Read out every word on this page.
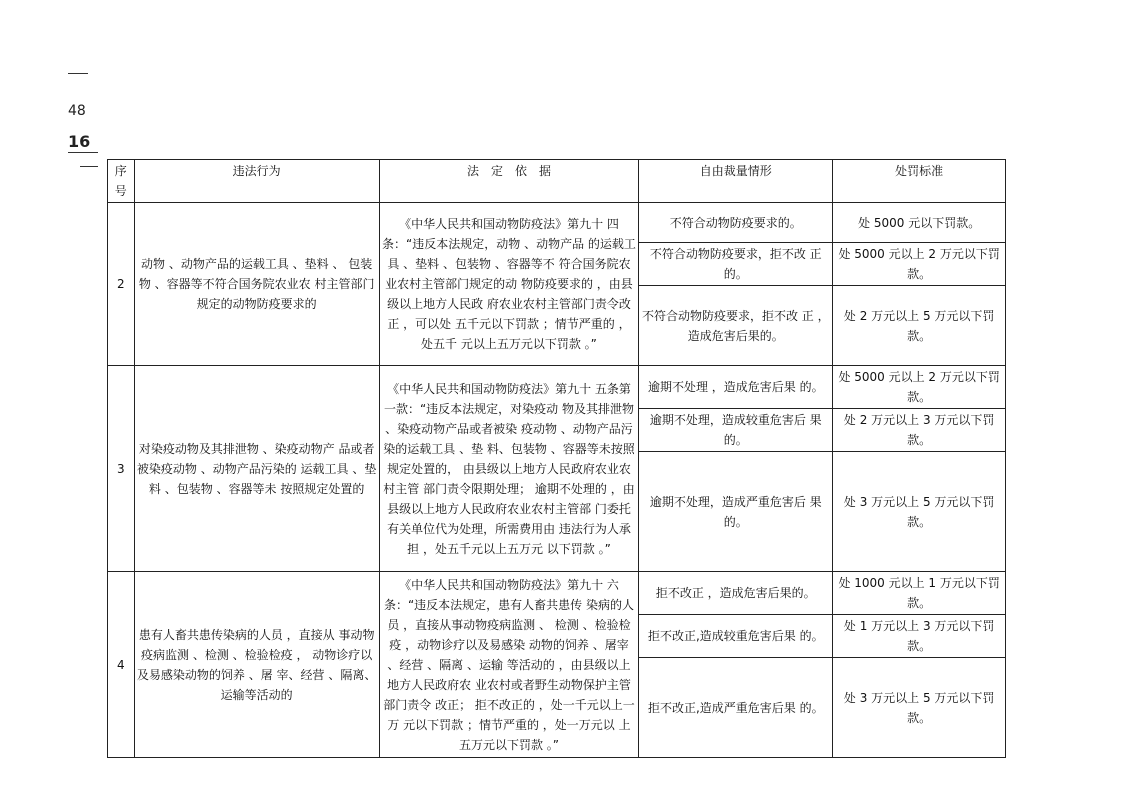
48
16
序
号	违法行为	法　定　依　据	自由裁量情形	处罚标准
2	动物 、动物产品的运载工具 、垫料 、 包装物 、容器等不符合国务院农业农 村主管部门规定的动物防疫要求的	《中华人民共和国动物防疫法》第九十 四条：“违反本法规定，动物 、动物产品 的运载工具 、垫料 、包装物 、容器等不 符合国务院农业农村主管部门规定的动 物防疫要求的 ，由县级以上地方人民政 府农业农村主管部门责令改正 ，可以处 五千元以下罚款 ；情节严重的 ，处五千 元以上五万元以下罚款 。”	不符合动物防疫要求的。	处 5000 元以下罚款。
			不符合动物防疫要求，拒不改 正的。	处 5000 元以上 2 万元以下罚款。
			不符合动物防疫要求，拒不改 正 ，造成危害后果的。	处 2 万元以上 5 万元以下罚款。
3	对染疫动物及其排泄物 、染疫动物产 品或者被染疫动物 、动物产品污染的 运载工具 、垫料 、包装物 、容器等未 按照规定处置的	《中华人民共和国动物防疫法》第九十 五条第一款：“违反本法规定，对染疫动 物及其排泄物 、染疫动物产品或者被染 疫动物 、动物产品污染的运载工具 、垫 料、包装物 、容器等未按照规定处置的， 由县级以上地方人民政府农业农村主管 部门责令限期处理； 逾期不处理的 ，由 县级以上地方人民政府农业农村主管部 门委托有关单位代为处理，所需费用由 违法行为人承担 ，处五千元以上五万元 以下罚款 。”	逾期不处理 ，造成危害后果 的。	处 5000 元以上 2 万元以下罚款。
			逾期不处理，造成较重危害后 果的。	处 2 万元以上 3 万元以下罚款。
			逾期不处理，造成严重危害后 果的。	处 3 万元以上 5 万元以下罚款。
4	患有人畜共患传染病的人员 ，直接从 事动物疫病监测 、检测 、检验检疫 ， 动物诊疗以及易感染动物的饲养 、屠 宰、经营 、隔离、运输等活动的	《中华人民共和国动物防疫法》第九十 六条：“违反本法规定，患有人畜共患传 染病的人员 ，直接从事动物疫病监测 、 检测 、检验检疫 ，动物诊疗以及易感染 动物的饲养 、屠宰 、经营 、隔离 、运输 等活动的 ，由县级以上地方人民政府农 业农村或者野生动物保护主管部门责令 改正； 拒不改正的 ，处一千元以上一万 元以下罚款 ；情节严重的 ，处一万元以 上五万元以下罚款 。”	拒不改正 ，造成危害后果的。	处 1000 元以上 1 万元以下罚款。
			拒不改正,造成较重危害后果 的。	处 1 万元以上 3 万元以下罚款。
			拒不改正,造成严重危害后果 的。	处 3 万元以上 5 万元以下罚款。
